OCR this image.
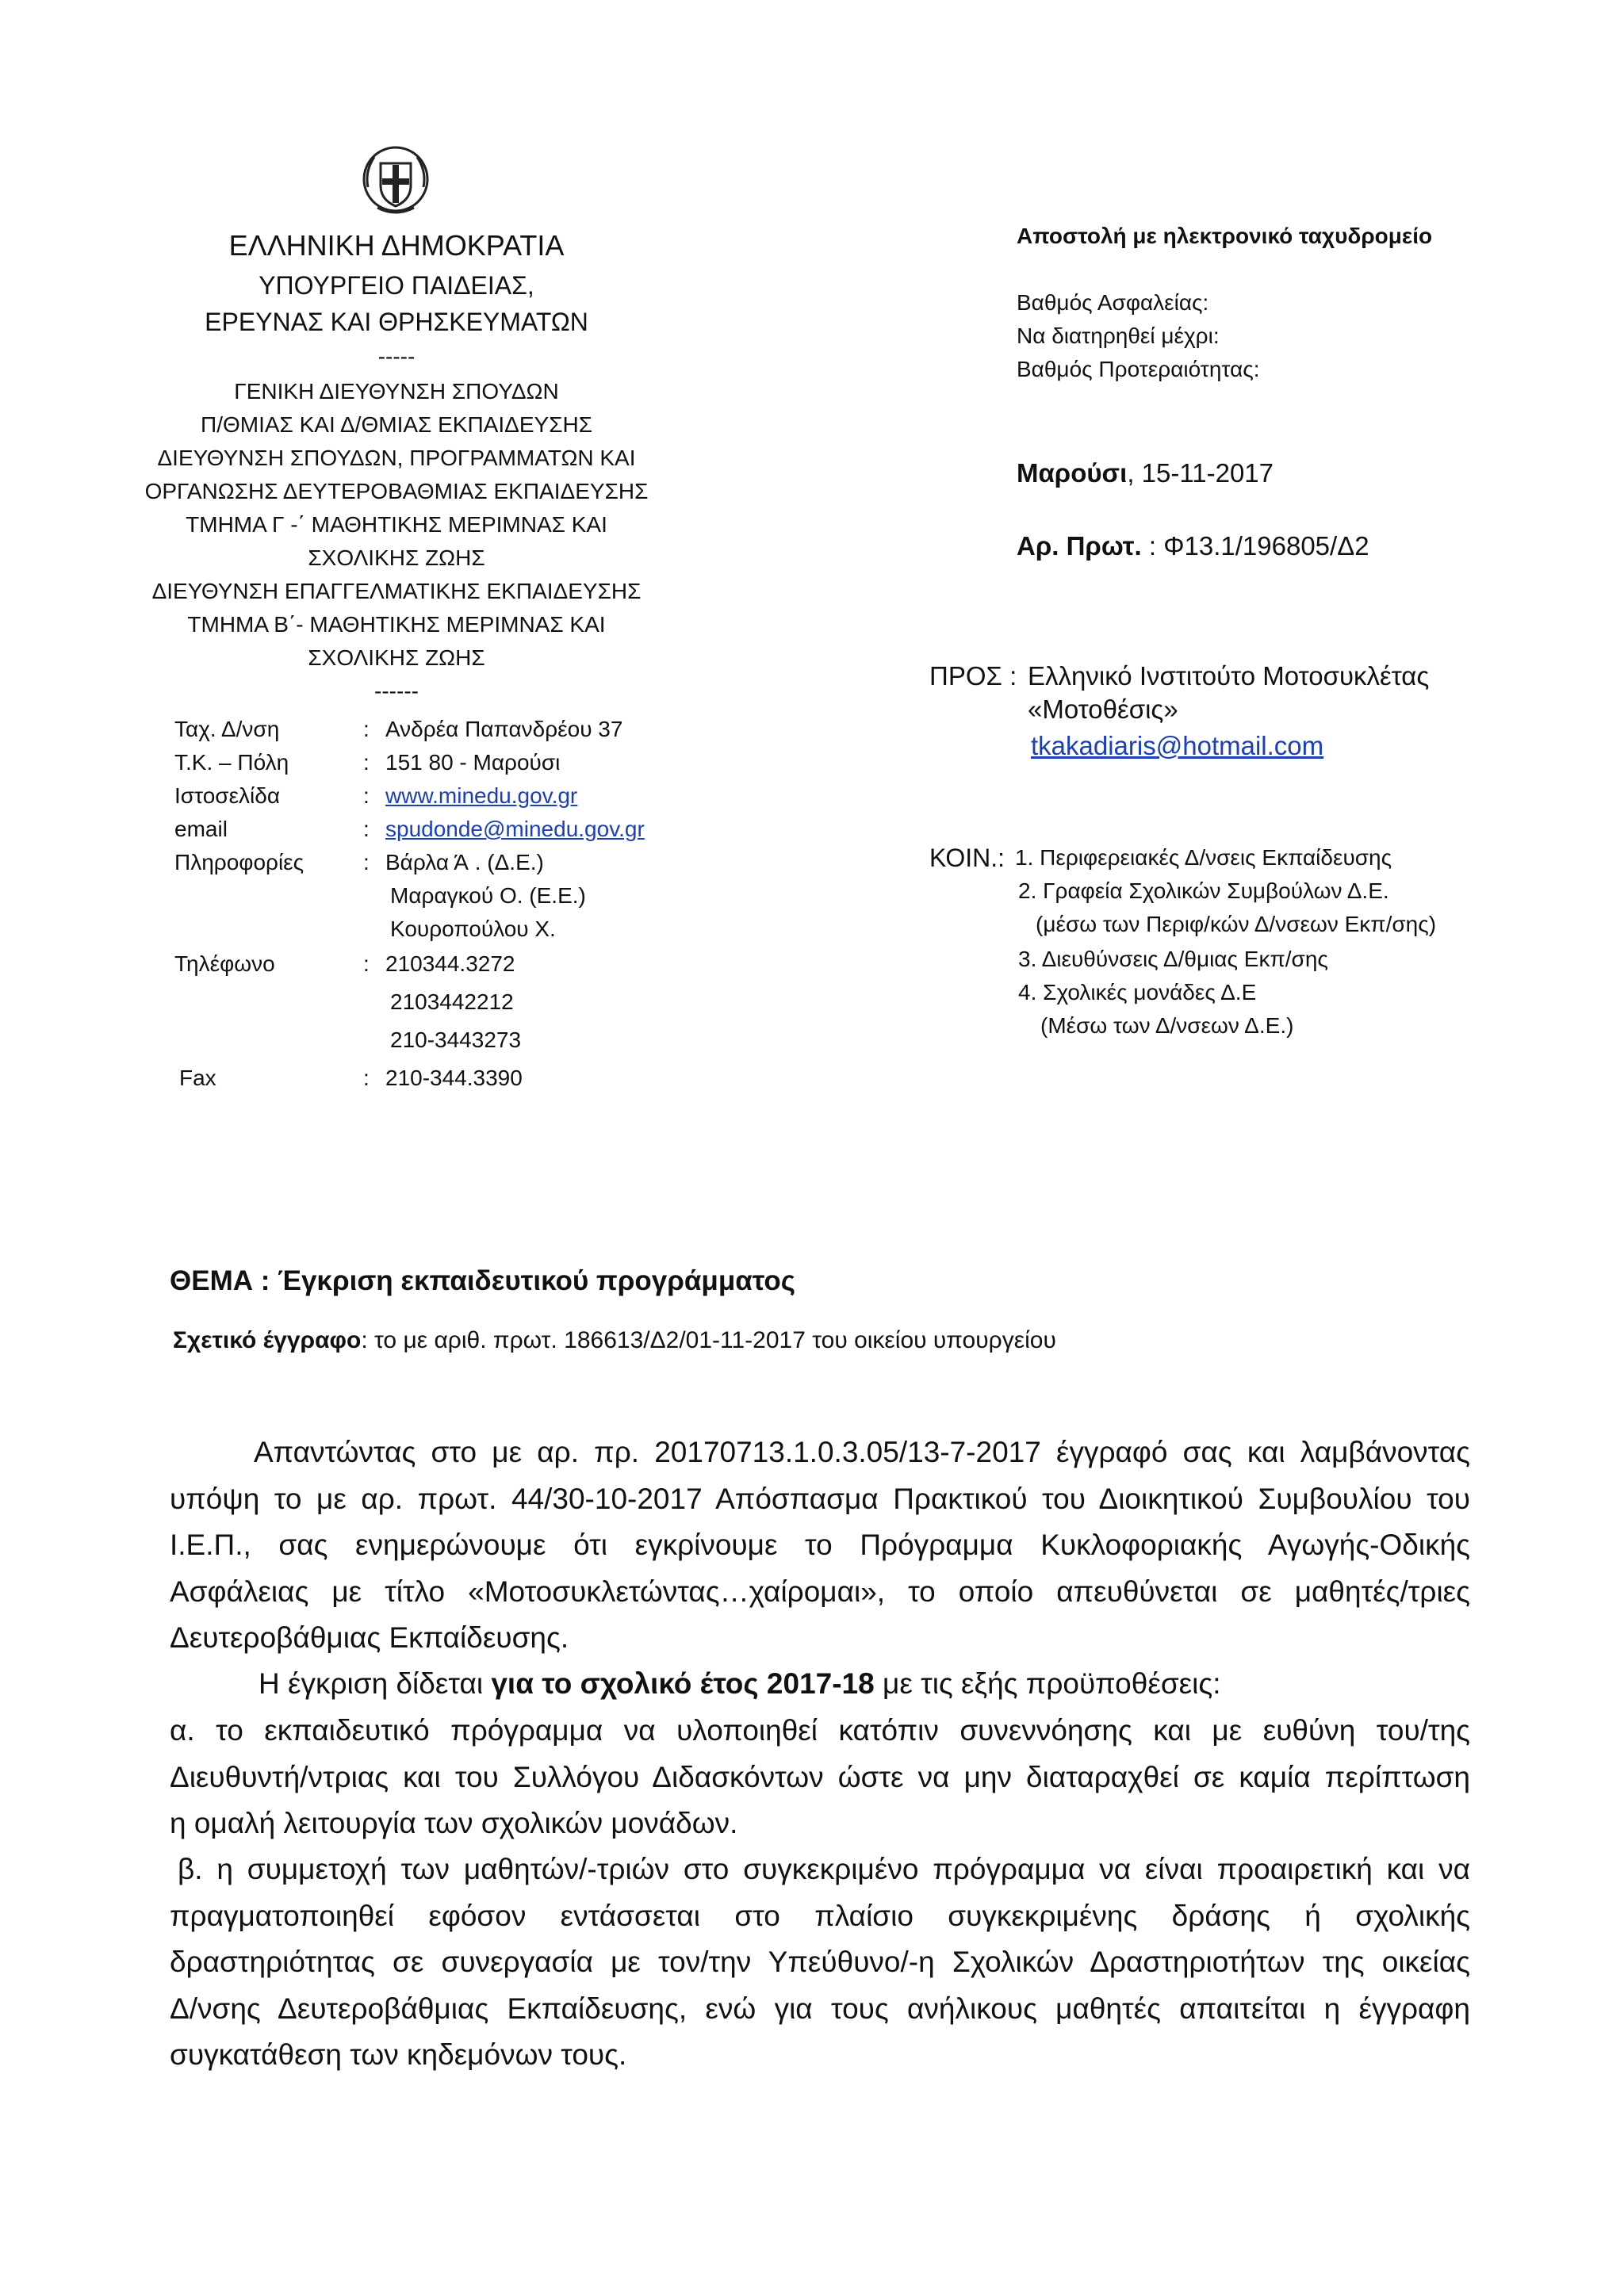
ΕΛΛΗΝΙΚΗ ΔΗΜΟΚΡΑΤΙΑ
ΥΠΟΥΡΓΕΙΟ ΠΑΙΔΕΙΑΣ,
ΕΡΕΥΝΑΣ ΚΑΙ ΘΡΗΣΚΕΥΜΑΤΩΝ
-----
ΓΕΝΙΚΗ ΔΙΕΥΘΥΝΣΗ ΣΠΟΥΔΩΝ
Π/ΘΜΙΑΣ ΚΑΙ Δ/ΘΜΙΑΣ ΕΚΠΑΙΔΕΥΣΗΣ
ΔΙΕΥΘΥΝΣΗ ΣΠΟΥΔΩΝ, ΠΡΟΓΡΑΜΜΑΤΩΝ ΚΑΙ
ΟΡΓΑΝΩΣΗΣ ΔΕΥΤΕΡΟΒΑΘΜΙΑΣ ΕΚΠΑΙΔΕΥΣΗΣ
ΤΜΗΜΑ Γ -΄ ΜΑΘΗΤΙΚΗΣ ΜΕΡΙΜΝΑΣ ΚΑΙ
ΣΧΟΛΙΚΗΣ ΖΩΗΣ
ΔΙΕΥΘΥΝΣΗ ΕΠΑΓΓΕΛΜΑΤΙΚΗΣ ΕΚΠΑΙΔΕΥΣΗΣ
ΤΜΗΜΑ Β΄- ΜΑΘΗΤΙΚΗΣ ΜΕΡΙΜΝΑΣ ΚΑΙ
ΣΧΟΛΙΚΗΣ ΖΩΗΣ
------
Ταχ. Δ/νση	: Ανδρέα Παπανδρέου 37
Τ.Κ. – Πόλη	: 151 80 - Μαρούσι
Ιστοσελίδα	: www.minedu.gov.gr
email	: spudonde@minedu.gov.gr
Πληροφορίες	: Βάρλα Ά . (Δ.Ε.)
Μαραγκού Ο. (Ε.Ε.)
Κουροπούλου Χ.
Τηλέφωνο	: 210344.3272
2103442212
210-3443273
Fax	: 210-344.3390
Αποστολή με ηλεκτρονικό ταχυδρομείο
Βαθμός Ασφαλείας:
Να διατηρηθεί μέχρι:
Βαθμός Προτεραιότητας:
Μαρούσι, 15-11-2017
Αρ. Πρωτ. : Φ13.1/196805/Δ2
ΠΡΟΣ : Ελληνικό Ινστιτούτο Μοτοσυκλέτας
«Μοτοθέσις»
tkakadiaris@hotmail.com
ΚΟΙΝ.: 1. Περιφερειακές Δ/νσεις Εκπαίδευσης
2. Γραφεία Σχολικών Συμβούλων Δ.Ε.
(μέσω των Περιφ/κών Δ/νσεων Εκπ/σης)
3. Διευθύνσεις Δ/θμιας Εκπ/σης
4. Σχολικές μονάδες Δ.Ε
(Μέσω των Δ/νσεων Δ.Ε.)
ΘΕΜΑ : Έγκριση εκπαιδευτικού προγράμματος
Σχετικό έγγραφο: το με αριθ. πρωτ. 186613/Δ2/01-11-2017 του οικείου υπουργείου
Απαντώντας στο με αρ. πρ. 20170713.1.0.3.05/13-7-2017 έγγραφό σας και λαμβάνοντας
υπόψη το με αρ. πρωτ. 44/30-10-2017 Απόσπασμα Πρακτικού του Διοικητικού Συμβουλίου του
Ι.Ε.Π., σας ενημερώνουμε ότι εγκρίνουμε το Πρόγραμμα Κυκλοφοριακής Αγωγής-Οδικής
Ασφάλειας με τίτλο «Μοτοσυκλετώντας…χαίρομαι», το οποίο απευθύνεται σε μαθητές/τριες
Δευτεροβάθμιας Εκπαίδευσης.
Η έγκριση δίδεται για το σχολικό έτος 2017-18 με τις εξής προϋποθέσεις:
α. το εκπαιδευτικό πρόγραμμα να υλοποιηθεί κατόπιν συνεννόησης και με ευθύνη του/της
Διευθυντή/ντριας και του Συλλόγου Διδασκόντων ώστε να μην διαταραχθεί σε καμία περίπτωση
η ομαλή λειτουργία των σχολικών μονάδων.
β. η συμμετοχή των μαθητών/-τριών στο συγκεκριμένο πρόγραμμα να είναι προαιρετική και να
πραγματοποιηθεί εφόσον εντάσσεται στο πλαίσιο συγκεκριμένης δράσης ή σχολικής
δραστηριότητας σε συνεργασία με τον/την Υπεύθυνο/-η Σχολικών Δραστηριοτήτων της οικείας
Δ/νσης Δευτεροβάθμιας Εκπαίδευσης, ενώ για τους ανήλικους μαθητές απαιτείται η έγγραφη
συγκατάθεση των κηδεμόνων τους.
